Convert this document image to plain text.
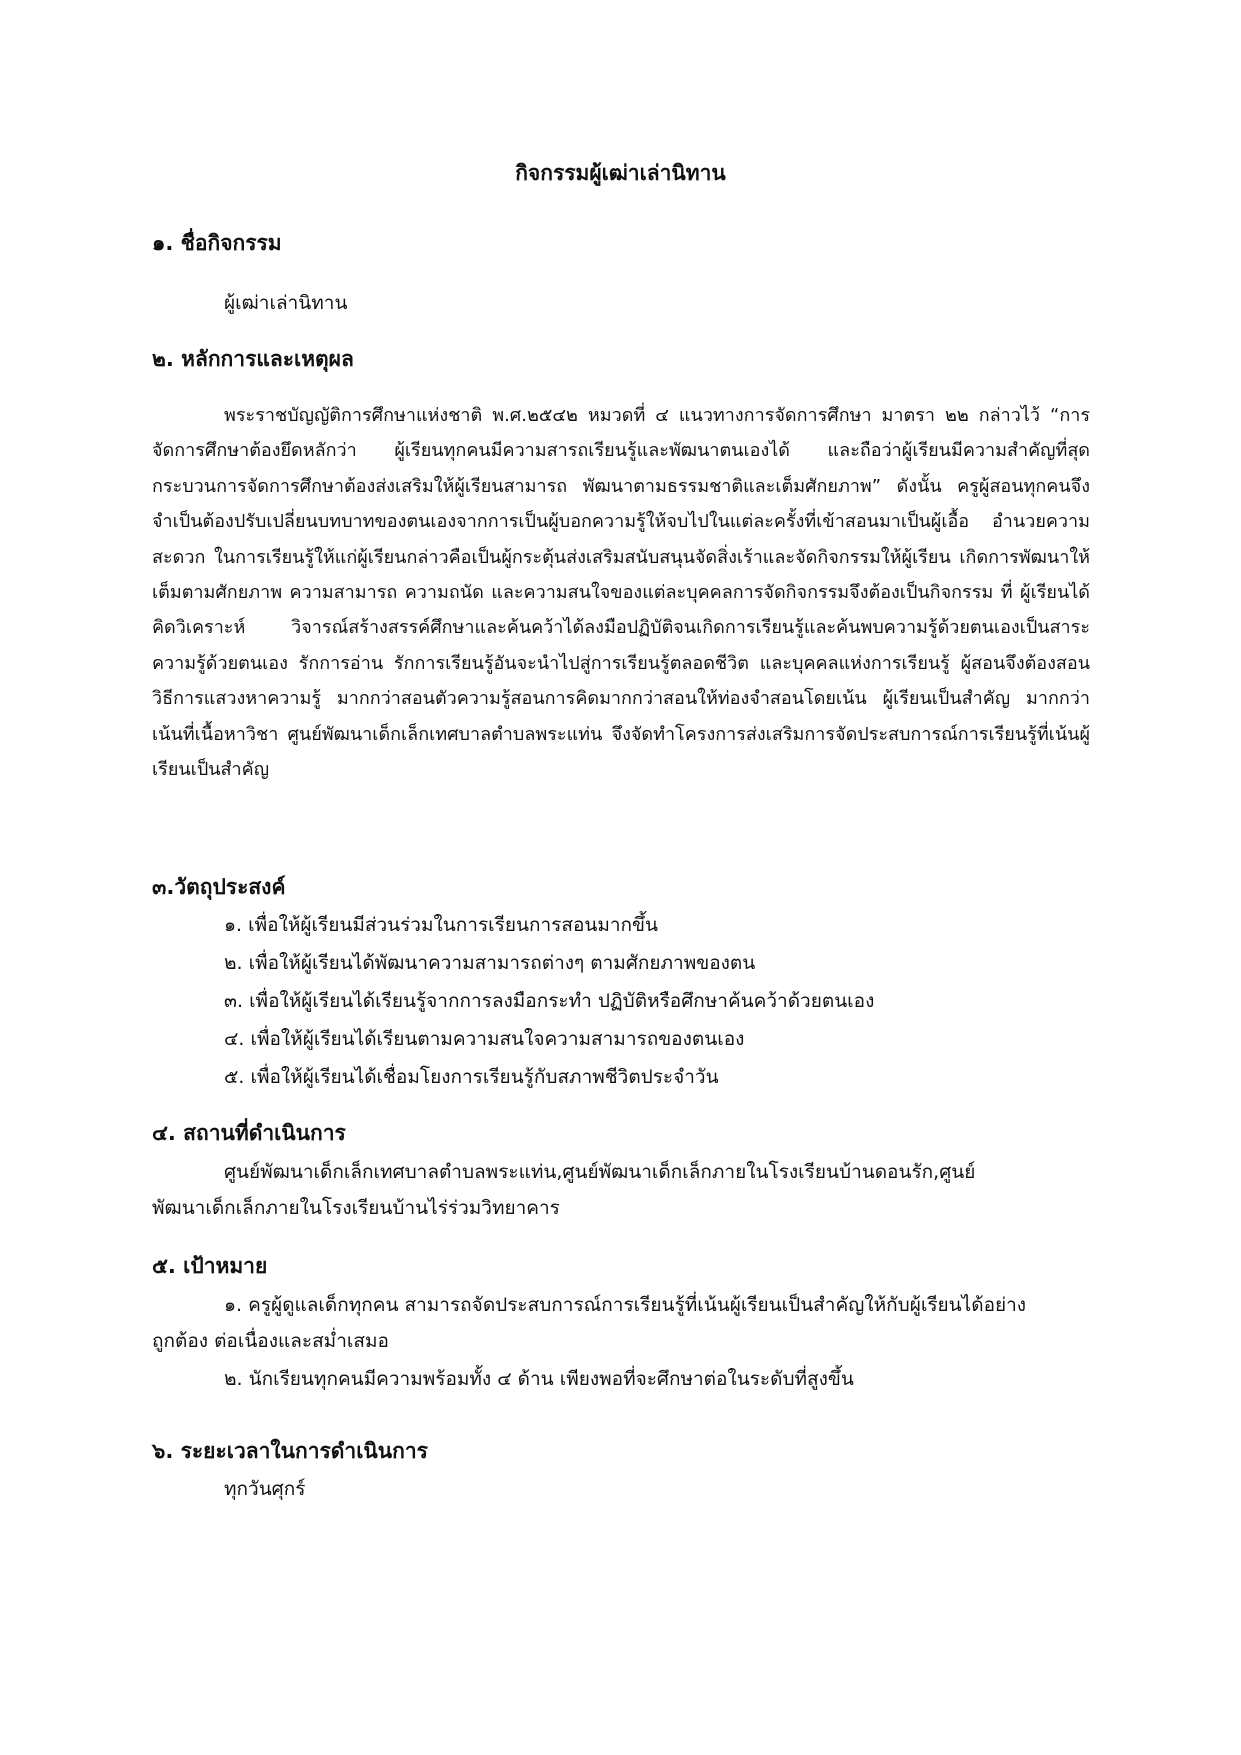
กิจกรรมผู้เฒ่าเล่านิทาน
๑. ชื่อกิจกรรม

ผู้เฒ่าเล่านิทาน

๒. หลักการและเหตุผล

พระราชบัญญัติการศึกษาแห่งชาติ พ.ศ.๒๕๔๒ หมวดที่ ๔ แนวทางการจัดการศึกษา มาตรา ๒๒ กล่าวไว้ “การจัดการศึกษาต้องยึดหลักว่า ผู้เรียนทุกคนมีความสารถเรียนรู้และพัฒนาตนเองได้ และถือว่าผู้เรียนมีความสำคัญที่สุด กระบวนการจัดการศึกษาต้องส่งเสริมให้ผู้เรียนสามารถ พัฒนาตามธรรมชาติและเต็มศักยภาพ” ดังนั้น ครูผู้สอนทุกคนจึงจำเป็นต้องปรับเปลี่ยนบทบาทของตนเองจากการเป็นผู้บอกความรู้ให้จบไปในแต่ละครั้งที่เข้าสอนมาเป็นผู้เอื้อ อำนวยความสะดวก ในการเรียนรู้ให้แก่ผู้เรียนกล่าวคือเป็นผู้กระตุ้นส่งเสริมสนับสนุนจัดสิ่งเร้าและจัดกิจกรรมให้ผู้เรียน เกิดการพัฒนาให้เต็มตามศักยภาพ ความสามารถ ความถนัด และความสนใจของแต่ละบุคคลการจัดกิจกรรมจึงต้องเป็นกิจกรรม ที่ ผู้เรียนได้คิดวิเคราะห์ วิจารณ์สร้างสรรค์ศึกษาและค้นคว้าได้ลงมือปฏิบัติจนเกิดการเรียนรู้และค้นพบความรู้ด้วยตนเองเป็นสาระ ความรู้ด้วยตนเอง รักการอ่าน รักการเรียนรู้อันจะนำไปสู่การเรียนรู้ตลอดชีวิต และบุคคลแห่งการเรียนรู้ ผู้สอนจึงต้องสอนวิธีการแสวงหาความรู้ มากกว่าสอนตัวความรู้สอนการคิดมากกว่าสอนให้ท่องจำสอนโดยเน้น ผู้เรียนเป็นสำคัญ มากกว่าเน้นที่เนื้อหาวิชา ศูนย์พัฒนาเด็กเล็กเทศบาลตำบลพระแท่น จึงจัดทำโครงการส่งเสริมการจัดประสบการณ์การเรียนรู้ที่เน้นผู้เรียนเป็นสำคัญ

๓.วัตถุประสงค์

๑. เพื่อให้ผู้เรียนมีส่วนร่วมในการเรียนการสอนมากขึ้น

๒. เพื่อให้ผู้เรียนได้พัฒนาความสามารถต่างๆ ตามศักยภาพของตน

๓. เพื่อให้ผู้เรียนได้เรียนรู้จากการลงมือกระทำ ปฏิบัติหรือศึกษาค้นคว้าด้วยตนเอง

๔. เพื่อให้ผู้เรียนได้เรียนตามความสนใจความสามารถของตนเอง

๕. เพื่อให้ผู้เรียนได้เชื่อมโยงการเรียนรู้กับสภาพชีวิตประจำวัน

๔. สถานที่ดำเนินการ

ศูนย์พัฒนาเด็กเล็กเทศบาลตำบลพระแท่น,ศูนย์พัฒนาเด็กเล็กภายในโรงเรียนบ้านดอนรัก,ศูนย์

พัฒนาเด็กเล็กภายในโรงเรียนบ้านไร่ร่วมวิทยาคาร

๕. เป้าหมาย

๑. ครูผู้ดูแลเด็กทุกคน สามารถจัดประสบการณ์การเรียนรู้ที่เน้นผู้เรียนเป็นสำคัญให้กับผู้เรียนได้อย่าง

ถูกต้อง ต่อเนื่องและสม่ำเสมอ

๒. นักเรียนทุกคนมีความพร้อมทั้ง ๔ ด้าน เพียงพอที่จะศึกษาต่อในระดับที่สูงขึ้น

๖. ระยะเวลาในการดำเนินการ

ทุกวันศุกร์
